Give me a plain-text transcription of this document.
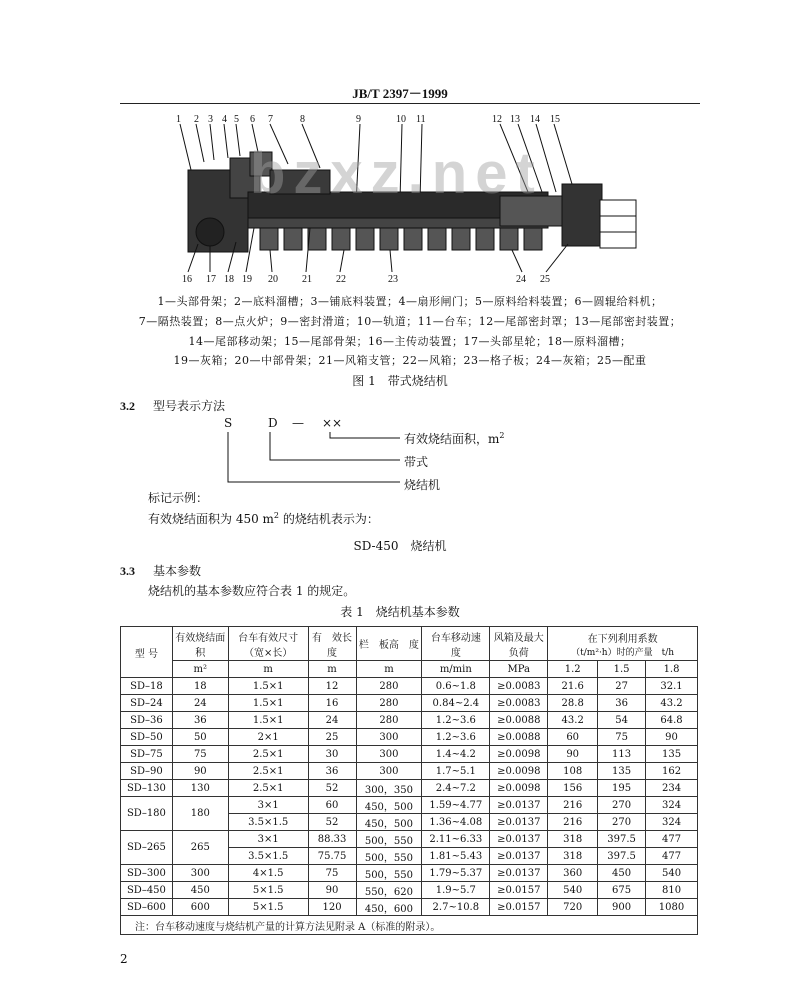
JB/T 2397－1999
1 2 3 4 5 6 7	8	9	10 11	12 13 14 15
16 17 18 19 20 21 22	23	24 25
bzxz.net
1—头部骨架；2—底料溜槽；3—铺底料装置；4—扇形闸门；5—原料给料装置；6—圆辊给料机；
7—隔热装置；8—点火炉；9—密封滑道；10—轨道；11—台车；12—尾部密封罩；13—尾部密封装置；
14—尾部移动架；15—尾部骨架；16—主传动装置；17—头部星轮；18—原料溜槽；
19—灰箱；20—中部骨架；21—风箱支管；22—风箱；23—格子板；24—灰箱；25—配重
图 1　带式烧结机
3.2 型号表示方法
S	D — ××
有效烧结面积，$m^2$
带式
烧结机
标记示例：
有效烧结面积为 450 $m^2$ 的烧结机表示为：
SD-450　烧结机
3.3 基本参数
烧结机的基本参数应符合表 1 的规定。
表 1　烧结机基本参数
型 号	有效烧结面　积	台车有效尺寸（宽×长）	有　效长　度	栏　板高　度	台车移动速　度	风箱及最大负荷	在下列利用系数
（t/m²·h）时的产量　t/h		
	m²	m	m	m	m/min	MPa	1.2	1.5	1.8
SD–18	18	1.5×1	12	280	0.6~1.8	≥0.0083	21.6	27	32.1
SD–24	24	1.5×1	16	280	0.84~2.4	≥0.0083	28.8	36	43.2
SD–36	36	1.5×1	24	280	1.2~3.6	≥0.0088	43.2	54	64.8
SD–50	50	2×1	25	300	1.2~3.6	≥0.0088	60	75	90
SD–75	75	2.5×1	30	300	1.4~4.2	≥0.0098	90	113	135
SD–90	90	2.5×1	36	300	1.7~5.1	≥0.0098	108	135	162
SD–130	130	2.5×1	52	300，350	2.4~7.2	≥0.0098	156	195	234
SD–180	180	3×1	60	450，500	1.59~4.77	≥0.0137	216	270	324
		3.5×1.5	52	450，500	1.36~4.08	≥0.0137	216	270	324
SD–265	265	3×1	88.33	500，550	2.11~6.33	≥0.0137	318	397.5	477
		3.5×1.5	75.75	500，550	1.81~5.43	≥0.0137	318	397.5	477
SD–300	300	4×1.5	75	500，550	1.79~5.37	≥0.0137	360	450	540
SD–450	450	5×1.5	90	550，620	1.9~5.7	≥0.0157	540	675	810
SD–600	600	5×1.5	120	450，600	2.7~10.8	≥0.0157	720	900	1080
注：台车移动速度与烧结机产量的计算方法见附录 A（标准的附录）。									
2
